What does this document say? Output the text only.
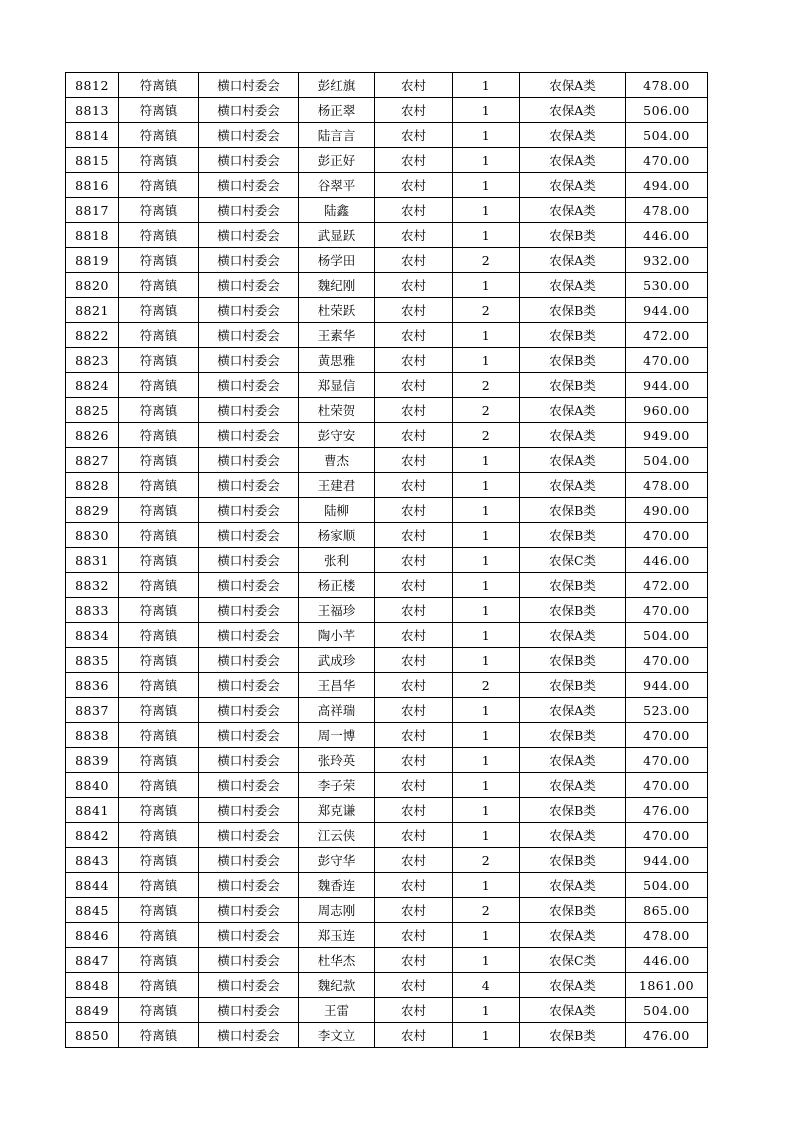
8812	符离镇	横口村委会	彭红旗	农村	1	农保A类	478.00
8813	符离镇	横口村委会	杨正翠	农村	1	农保A类	506.00
8814	符离镇	横口村委会	陆言言	农村	1	农保A类	504.00
8815	符离镇	横口村委会	彭正好	农村	1	农保A类	470.00
8816	符离镇	横口村委会	谷翠平	农村	1	农保A类	494.00
8817	符离镇	横口村委会	陆鑫	农村	1	农保A类	478.00
8818	符离镇	横口村委会	武显跃	农村	1	农保B类	446.00
8819	符离镇	横口村委会	杨学田	农村	2	农保A类	932.00
8820	符离镇	横口村委会	魏纪刚	农村	1	农保A类	530.00
8821	符离镇	横口村委会	杜荣跃	农村	2	农保B类	944.00
8822	符离镇	横口村委会	王素华	农村	1	农保B类	472.00
8823	符离镇	横口村委会	黄思雅	农村	1	农保B类	470.00
8824	符离镇	横口村委会	郑显信	农村	2	农保B类	944.00
8825	符离镇	横口村委会	杜荣贺	农村	2	农保A类	960.00
8826	符离镇	横口村委会	彭守安	农村	2	农保A类	949.00
8827	符离镇	横口村委会	曹杰	农村	1	农保A类	504.00
8828	符离镇	横口村委会	王建君	农村	1	农保A类	478.00
8829	符离镇	横口村委会	陆柳	农村	1	农保B类	490.00
8830	符离镇	横口村委会	杨家顺	农村	1	农保B类	470.00
8831	符离镇	横口村委会	张利	农村	1	农保C类	446.00
8832	符离镇	横口村委会	杨正楼	农村	1	农保B类	472.00
8833	符离镇	横口村委会	王福珍	农村	1	农保B类	470.00
8834	符离镇	横口村委会	陶小芊	农村	1	农保A类	504.00
8835	符离镇	横口村委会	武成珍	农村	1	农保B类	470.00
8836	符离镇	横口村委会	王昌华	农村	2	农保B类	944.00
8837	符离镇	横口村委会	高祥瑞	农村	1	农保A类	523.00
8838	符离镇	横口村委会	周一博	农村	1	农保B类	470.00
8839	符离镇	横口村委会	张玲英	农村	1	农保A类	470.00
8840	符离镇	横口村委会	李子荣	农村	1	农保A类	470.00
8841	符离镇	横口村委会	郑克谦	农村	1	农保B类	476.00
8842	符离镇	横口村委会	江云侠	农村	1	农保A类	470.00
8843	符离镇	横口村委会	彭守华	农村	2	农保B类	944.00
8844	符离镇	横口村委会	魏香连	农村	1	农保A类	504.00
8845	符离镇	横口村委会	周志刚	农村	2	农保B类	865.00
8846	符离镇	横口村委会	郑玉连	农村	1	农保A类	478.00
8847	符离镇	横口村委会	杜华杰	农村	1	农保C类	446.00
8848	符离镇	横口村委会	魏纪款	农村	4	农保A类	1861.00
8849	符离镇	横口村委会	王雷	农村	1	农保A类	504.00
8850	符离镇	横口村委会	李文立	农村	1	农保B类	476.00
